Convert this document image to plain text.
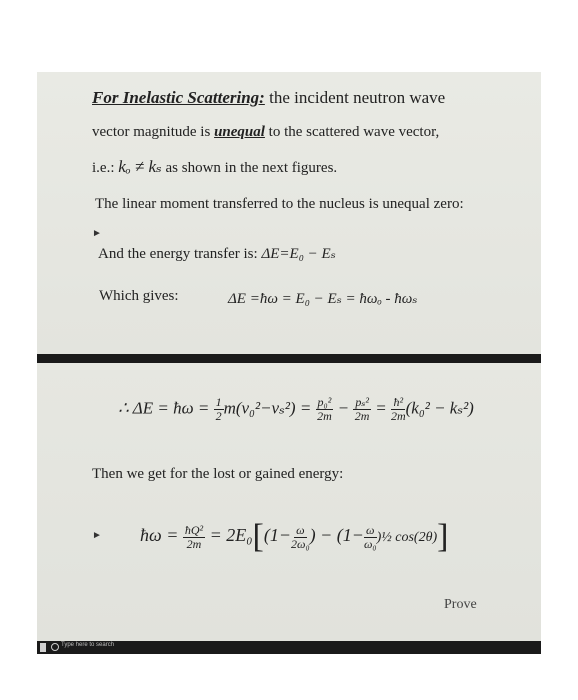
For Inelastic Scattering: the incident neutron wave
vector magnitude is unequal to the scattered wave vector,
i.e.: kₒ ≠ kₛ as shown in the next figures.
The linear moment transferred to the nucleus is unequal zero:
►
And the energy transfer is: ΔE=E₀ − Eₛ
Which gives:	ΔE =ħω = E₀ − Eₛ = ħωₒ - ħωₛ
∴ ΔE = ħω = $\frac{1}{2} m(v_0^2-v_s^2) = \frac{\text{p₀²}}{2m} - \frac{\text{pₛ²}}{2m} = \frac{\text{ħ²}}{2m} (k_0^2 - k_s^2)$
Then we get for the lost or gained energy:
► ħω = $\frac{\text{ħQ²}}{2m} = 2E_0[(1- \frac{\omega}{\text{2ω₀}}$ ) − ($1- \frac{\omega}{\text{ω₀}}$ )½ cos(2θ)]
Prove
Type here to search
